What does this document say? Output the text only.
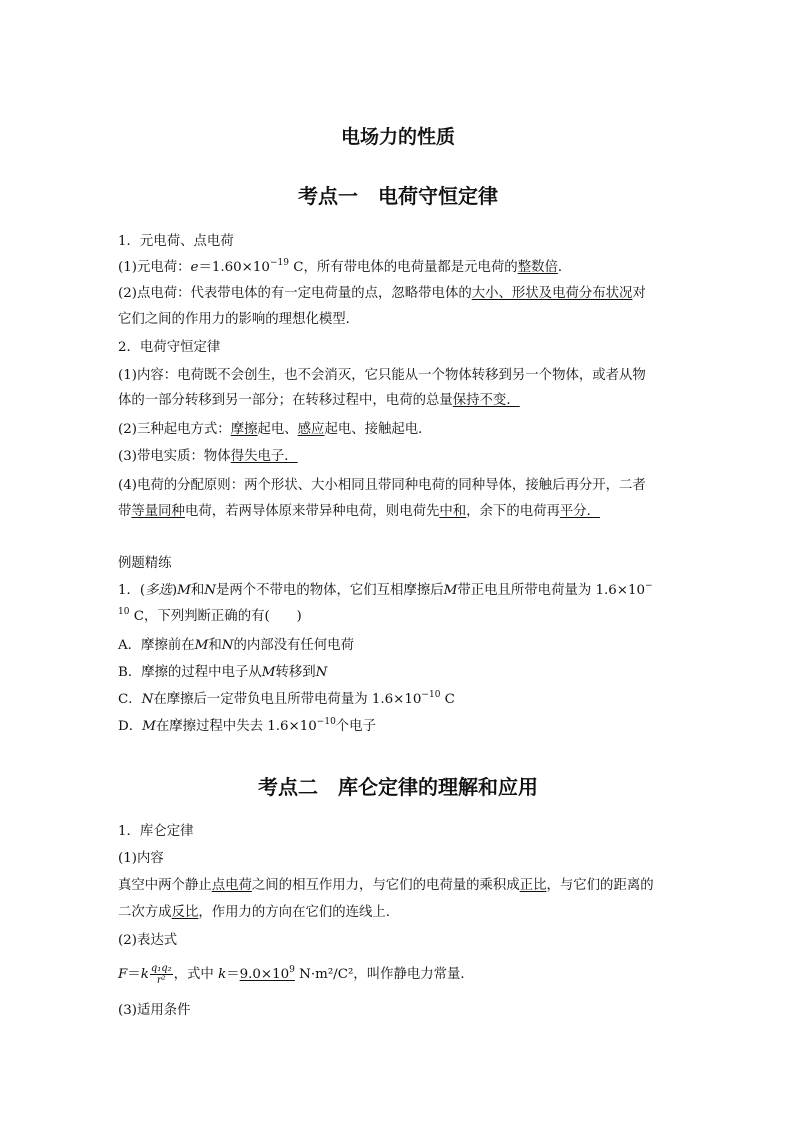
电场力的性质
考点一　电荷守恒定律
1．元电荷、点电荷
(1)元电荷：$e=1.60\times 10^{-19}$ C，所有带电体的电荷量都是元电荷的整数倍．
(2)点电荷：代表带电体的有一定电荷量的点，忽略带电体的大小、形状及电荷分布状况对
它们之间的作用力的影响的理想化模型．
2．电荷守恒定律
(1)内容：电荷既不会创生，也不会消灭，它只能从一个物体转移到另一个物体，或者从物
体的一部分转移到另一部分；在转移过程中，电荷的总量保持不变．
(2)三种起电方式：摩擦起电、感应起电、接触起电．
(3)带电实质：物体得失电子．
(4)电荷的分配原则：两个形状、大小相同且带同种电荷的同种导体，接触后再分开，二者
带等量同种电荷，若两导体原来带异种电荷，则电荷先中和，余下的电荷再平分．
例题精练
1．(多选)M和N是两个不带电的物体，它们互相摩擦后M带正电且所带电荷量为 1.6×10−
$^{10}$ C，下列判断正确的有(　　)
A．摩擦前在M和N的内部没有任何电荷
B．摩擦的过程中电子从M转移到N
C．N在摩擦后一定带负电且所带电荷量为 $1.6\times 10^{-10}$ C
D．M在摩擦过程中失去 $1.6\times 10^{-10}$个电子
考点二　库仑定律的理解和应用
1．库仑定律
(1)内容
真空中两个静止点电荷之间的相互作用力，与它们的电荷量的乘积成正比，与它们的距离的
二次方成反比，作用力的方向在它们的连线上．
(2)表达式
$F=k \frac{\text{q₁q₂}}{\text{r²}}$ ，式中 $k=9.0\times 10^9$ N·m²/C²，叫作静电力常量．
(3)适用条件
